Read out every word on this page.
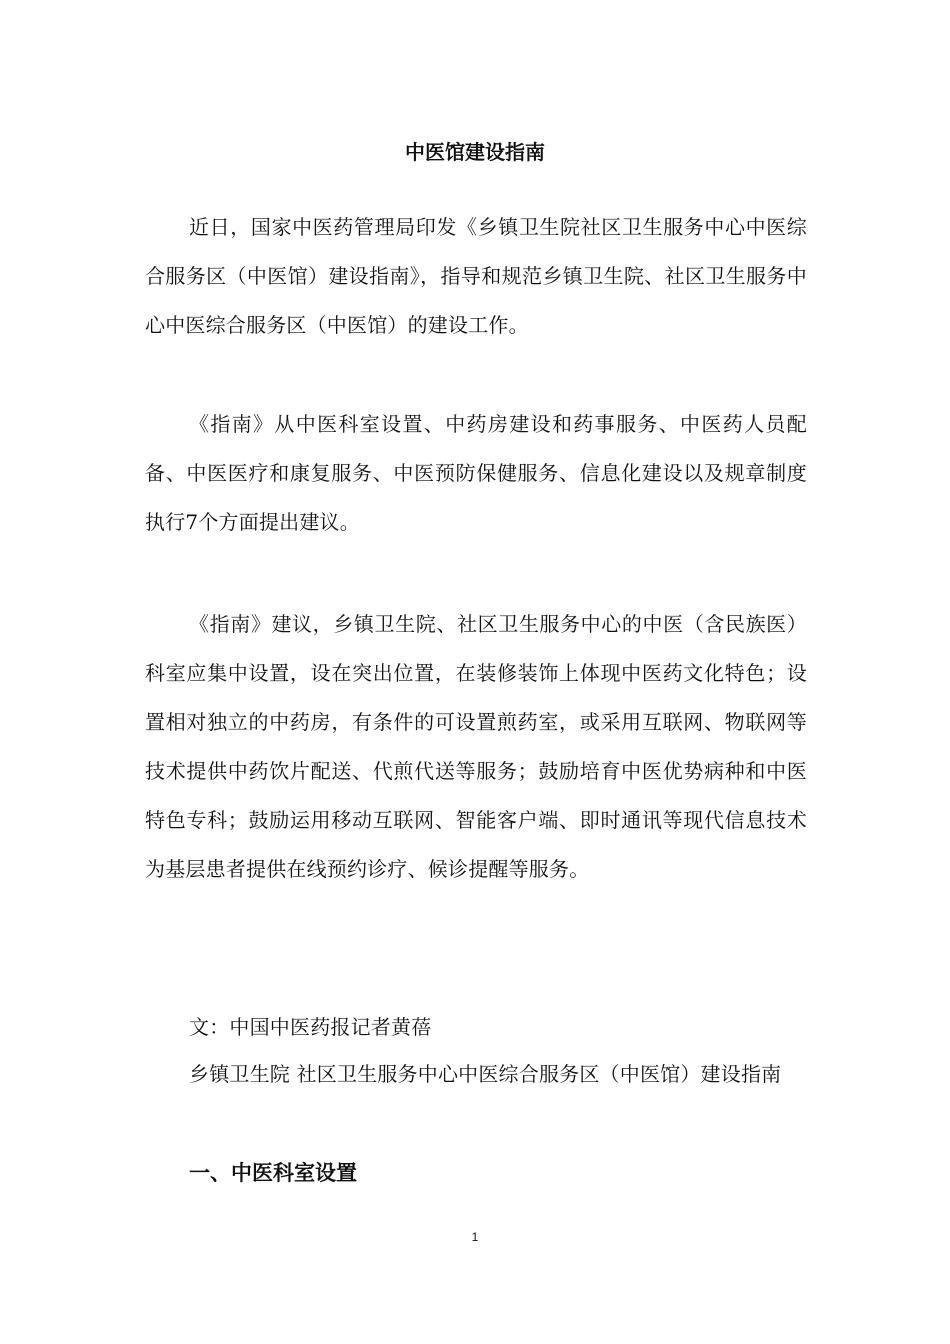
中医馆建设指南

近日，国家中医药管理局印发《乡镇卫生院社区卫生服务中心中医综合服务区（中医馆）建设指南》，指导和规范乡镇卫生院、社区卫生服务中心中医综合服务区（中医馆）的建设工作。

《指南》从中医科室设置、中药房建设和药事服务、中医药人员配备、中医医疗和康复服务、中医预防保健服务、信息化建设以及规章制度执行7个方面提出建议。

《指南》建议，乡镇卫生院、社区卫生服务中心的中医（含民族医）科室应集中设置，设在突出位置，在装修装饰上体现中医药文化特色；设置相对独立的中药房，有条件的可设置煎药室，或采用互联网、物联网等技术提供中药饮片配送、代煎代送等服务；鼓励培育中医优势病种和中医特色专科；鼓励运用移动互联网、智能客户端、即时通讯等现代信息技术为基层患者提供在线预约诊疗、候诊提醒等服务。

文：中国中医药报记者黄蓓

乡镇卫生院 社区卫生服务中心中医综合服务区（中医馆）建设指南

一、中医科室设置
1
